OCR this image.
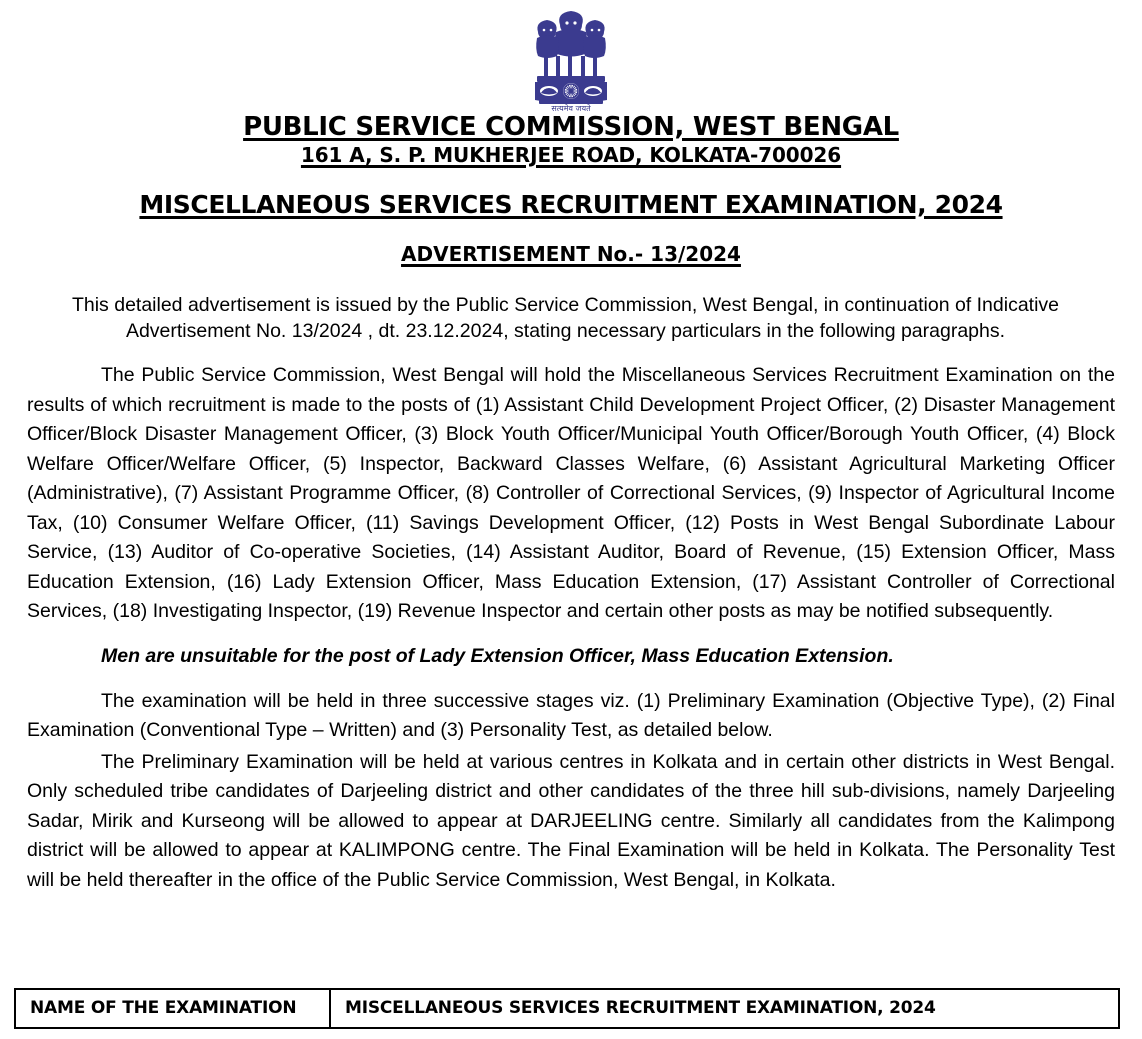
सत्यमेव जयते
PUBLIC SERVICE COMMISSION, WEST BENGAL
161 A, S. P. MUKHERJEE ROAD, KOLKATA-700026
MISCELLANEOUS SERVICES RECRUITMENT EXAMINATION, 2024
ADVERTISEMENT No.- 13/2024

This detailed advertisement is issued by the Public Service Commission, West Bengal, in continuation of Indicative Advertisement No. 13/2024 , dt. 23.12.2024, stating necessary particulars in the following paragraphs.

The Public Service Commission, West Bengal will hold the Miscellaneous Services Recruitment Examination on the results of which recruitment is made to the posts of (1) Assistant Child Development Project Officer, (2) Disaster Management Officer/Block Disaster Management Officer, (3) Block Youth Officer/Municipal Youth Officer/Borough Youth Officer, (4) Block Welfare Officer/Welfare Officer, (5) Inspector, Backward Classes Welfare, (6) Assistant Agricultural Marketing Officer (Administrative), (7) Assistant Programme Officer, (8) Controller of Correctional Services, (9) Inspector of Agricultural Income Tax, (10) Consumer Welfare Officer, (11) Savings Development Officer, (12) Posts in West Bengal Subordinate Labour Service, (13) Auditor of Co-operative Societies, (14) Assistant Auditor, Board of Revenue, (15) Extension Officer, Mass Education Extension, (16) Lady Extension Officer, Mass Education Extension, (17) Assistant Controller of Correctional Services, (18) Investigating Inspector, (19) Revenue Inspector and certain other posts as may be notified subsequently.

Men are unsuitable for the post of Lady Extension Officer, Mass Education Extension.

The examination will be held in three successive stages viz. (1) Preliminary Examination (Objective Type), (2) Final Examination (Conventional Type – Written) and (3) Personality Test, as detailed below.

The Preliminary Examination will be held at various centres in Kolkata and in certain other districts in West Bengal. Only scheduled tribe candidates of Darjeeling district and other candidates of the three hill sub-divisions, namely Darjeeling Sadar, Mirik and Kurseong will be allowed to appear at DARJEELING centre. Similarly all candidates from the Kalimpong district will be allowed to appear at KALIMPONG centre. The Final Examination will be held in Kolkata. The Personality Test will be held thereafter in the office of the Public Service Commission, West Bengal, in Kolkata.

NAME OF THE EXAMINATION	MISCELLANEOUS SERVICES RECRUITMENT EXAMINATION, 2024
